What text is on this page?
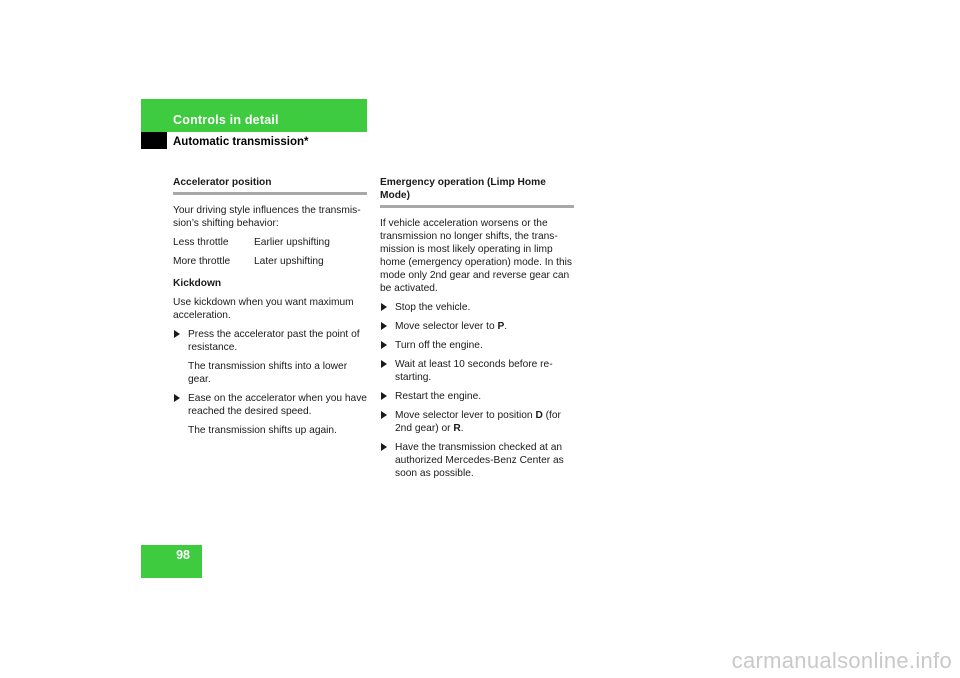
Controls in detail
Automatic transmission*
Accelerator position

Your driving style influences the transmis-sion’s shifting behavior:

Less throttle	Earlier upshifting
More throttle	Later upshifting
Kickdown

Use kickdown when you want maximum acceleration.

Press the accelerator past the point of resistance.
The transmission shifts into a lower gear.
Ease on the accelerator when you have reached the desired speed.
The transmission shifts up again.
Emergency operation (Limp Home Mode)

If vehicle acceleration worsens or the transmission no longer shifts, the trans-mission is most likely operating in limp home (emergency operation) mode. In this mode only 2nd gear and reverse gear can be activated.

Stop the vehicle.
Move selector lever to P.
Turn off the engine.
Wait at least 10 seconds before re-starting.
Restart the engine.
Move selector lever to position D (for 2nd gear) or R.
Have the transmission checked at an authorized Mercedes-Benz Center as soon as possible.
98
carmanualsonline.info
